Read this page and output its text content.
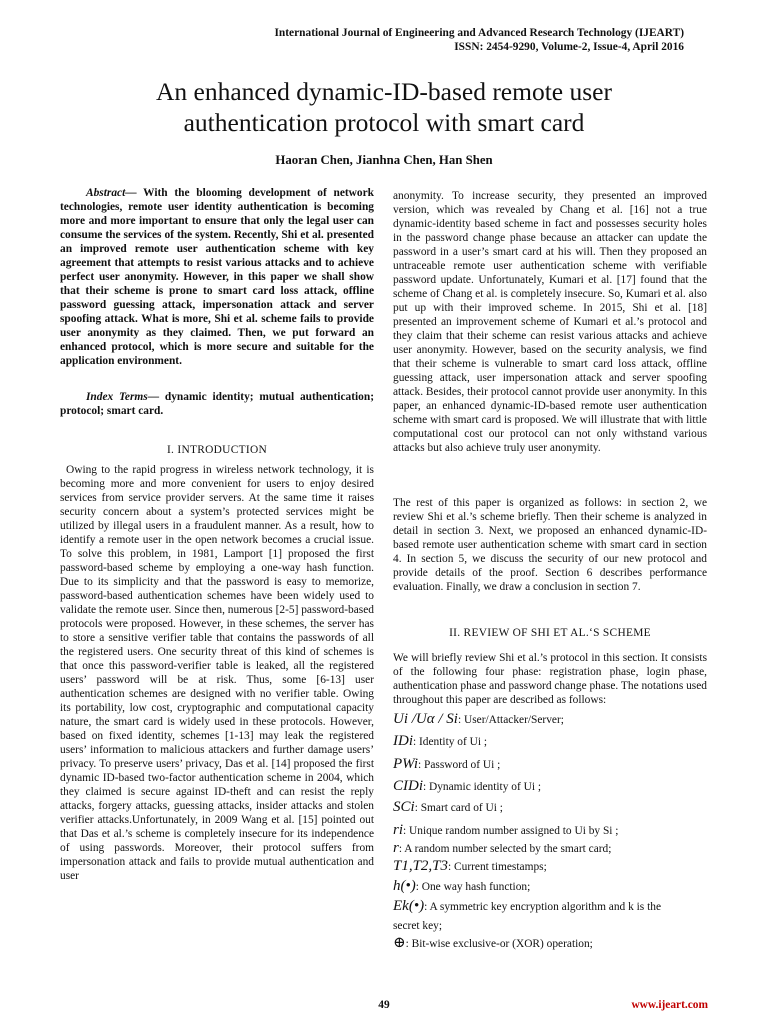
International Journal of Engineering and Advanced Research Technology (IJEART)
ISSN: 2454-9290, Volume-2, Issue-4, April 2016
An enhanced dynamic-ID-based remote user
authentication protocol with smart card
Haoran Chen, Jianhna Chen, Han Shen
Abstract— With the blooming development of network technologies, remote user identity authentication is becoming more and more important to ensure that only the legal user can consume the services of the system. Recently, Shi et al. presented an improved remote user authentication scheme with key agreement that attempts to resist various attacks and to achieve perfect user anonymity. However, in this paper we shall show that their scheme is prone to smart card loss attack, offline password guessing attack, impersonation attack and server spoofing attack. What is more, Shi et al. scheme fails to provide user anonymity as they claimed. Then, we put forward an enhanced protocol, which is more secure and suitable for the application environment.
Index Terms— dynamic identity; mutual authentication; protocol; smart card.
I. INTRODUCTION
Owing to the rapid progress in wireless network technology, it is becoming more and more convenient for users to enjoy desired services from service provider servers. At the same time it raises security concern about a system’s protected services might be utilized by illegal users in a fraudulent manner. As a result, how to identify a remote user in the open network becomes a crucial issue. To solve this problem, in 1981, Lamport [1] proposed the first password-based scheme by employing a one-way hash function. Due to its simplicity and that the password is easy to memorize, password-based authentication schemes have been widely used to validate the remote user. Since then, numerous [2-5] password-based protocols were proposed. However, in these schemes, the server has to store a sensitive verifier table that contains the passwords of all the registered users. One security threat of this kind of schemes is that once this password-verifier table is leaked, all the registered users’ password will be at risk. Thus, some [6-13] user authentication schemes are designed with no verifier table. Owing its portability, low cost, cryptographic and computational capacity nature, the smart card is widely used in these protocols. However, based on fixed identity, schemes [1-13] may leak the registered users’ information to malicious attackers and further damage users’ privacy. To preserve users’ privacy, Das et al. [14] proposed the first dynamic ID-based two-factor authentication scheme in 2004, which they claimed is secure against ID-theft and can resist the reply attacks, forgery attacks, guessing attacks, insider attacks and stolen verifier attacks.Unfortunately, in 2009 Wang et al. [15] pointed out that Das et al.’s scheme is completely insecure for its independence of using passwords. Moreover, their protocol suffers from impersonation attack and fails to provide mutual authentication and user
anonymity. To increase security, they presented an improved version, which was revealed by Chang et al. [16] not a true dynamic-identity based scheme in fact and possesses security holes in the password change phase because an attacker can update the password in a user’s smart card at his will. Then they proposed an untraceable remote user authentication scheme with verifiable password update. Unfortunately, Kumari et al. [17] found that the scheme of Chang et al. is completely insecure. So, Kumari et al. also put up with their improved scheme. In 2015, Shi et al. [18] presented an improvement scheme of Kumari et al.’s protocol and they claim that their scheme can resist various attacks and achieve user anonymity. However, based on the security analysis, we find that their scheme is vulnerable to smart card loss attack, offline guessing attack, user impersonation attack and server spoofing attack. Besides, their protocol cannot provide user anonymity. In this paper, an enhanced dynamic-ID-based remote user authentication scheme with smart card is proposed. We will illustrate that with little computational cost our protocol can not only withstand various attacks but also achieve truly user anonymity.
The rest of this paper is organized as follows: in section 2, we review Shi et al.’s scheme briefly. Then their scheme is analyzed in detail in section 3. Next, we proposed an enhanced dynamic-ID-based remote user authentication scheme with smart card in section 4. In section 5, we discuss the security of our new protocol and provide details of the proof. Section 6 describes performance evaluation. Finally, we draw a conclusion in section 7.
II. REVIEW OF SHI ET AL.‘S SCHEME
We will briefly review Shi et al.’s protocol in this section. It consists of the following four phase: registration phase, login phase, authentication phase and password change phase. The notations used throughout this paper are described as follows:
Ui /Uα / Si: User/Attacker/Server;
IDi: Identity of Ui ;
PWi: Password of Ui ;
CIDi: Dynamic identity of Ui ;
SCi: Smart card of Ui ;
ri: Unique random number assigned to Ui by Si ;
r: A random number selected by the smart card;
T1,T2,T3: Current timestamps;
h(•): One way hash function;
Ek(•): A symmetric key encryption algorithm and k is the
secret key;
⊕: Bit-wise exclusive-or (XOR) operation;
49	www.ijeart.com
